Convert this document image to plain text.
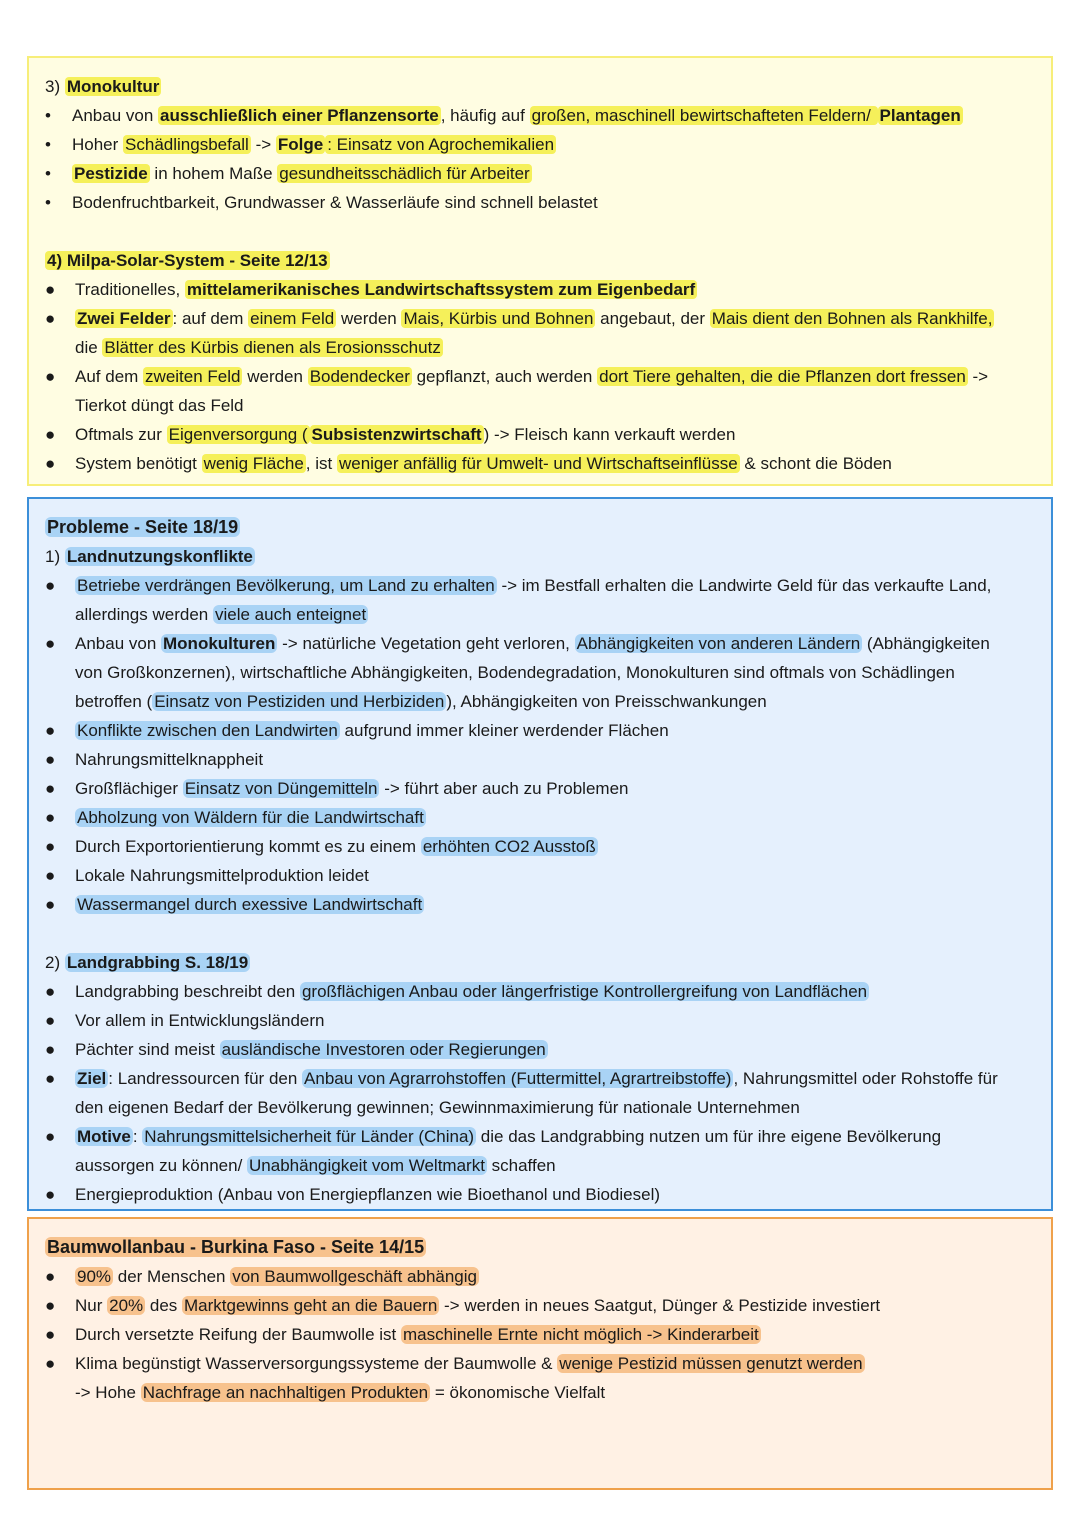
3) Monokultur
•	Anbau von ausschließlich einer Pflanzensorte , häufig auf großen, maschinell bewirtschafteten Feldern/ Plantagen
•	Hoher Schädlingsbefall -> Folge : Einsatz von Agrochemikalien
•	Pestizide in hohem Maße gesundheitsschädlich für Arbeiter
•	Bodenfruchtbarkeit, Grundwasser & Wasserläufe sind schnell belastet
4) Milpa-Solar-System - Seite 12/13
●	Traditionelles, mittelamerikanisches Landwirtschaftssystem zum Eigenbedarf
●	Zwei Felder : auf dem einem Feld werden Mais, Kürbis und Bohnen angebaut, der Mais dient den Bohnen als Rankhilfe,
die Blätter des Kürbis dienen als Erosionsschutz
●	Auf dem zweiten Feld werden Bodendecker gepflanzt, auch werden dort Tiere gehalten, die die Pflanzen dort fressen ->
Tierkot düngt das Feld
●	Oftmals zur Eigenversorgung ( Subsistenzwirtschaft ) -> Fleisch kann verkauft werden
●	System benötigt wenig Fläche , ist weniger anfällig für Umwelt- und Wirtschaftseinflüsse & schont die Böden
Probleme - Seite 18/19
1) Landnutzungskonflikte
●	Betriebe verdrängen Bevölkerung, um Land zu erhalten -> im Bestfall erhalten die Landwirte Geld für das verkaufte Land,
allerdings werden viele auch enteignet
●	Anbau von Monokulturen -> natürliche Vegetation geht verloren, Abhängigkeiten von anderen Ländern (Abhängigkeiten
von Großkonzernen), wirtschaftliche Abhängigkeiten, Bodendegradation, Monokulturen sind oftmals von Schädlingen
betroffen ( Einsatz von Pestiziden und Herbiziden ), Abhängigkeiten von Preisschwankungen
●	Konflikte zwischen den Landwirten aufgrund immer kleiner werdender Flächen
●	Nahrungsmittelknappheit
●	Großflächiger Einsatz von Düngemitteln -> führt aber auch zu Problemen
●	Abholzung von Wäldern für die Landwirtschaft
●	Durch Exportorientierung kommt es zu einem erhöhten CO2 Ausstoß
●	Lokale Nahrungsmittelproduktion leidet
●	Wassermangel durch exessive Landwirtschaft
2) Landgrabbing S. 18/19
●	Landgrabbing beschreibt den großflächigen Anbau oder längerfristige Kontrollergreifung von Landflächen
●	Vor allem in Entwicklungsländern
●	Pächter sind meist ausländische Investoren oder Regierungen
●	Ziel : Landressourcen für den Anbau von Agrarrohstoffen (Futtermittel, Agrartreibstoffe) , Nahrungsmittel oder Rohstoffe für
den eigenen Bedarf der Bevölkerung gewinnen; Gewinnmaximierung für nationale Unternehmen
●	Motive : Nahrungsmittelsicherheit für Länder (China) die das Landgrabbing nutzen um für ihre eigene Bevölkerung
aussorgen zu können/ Unabhängigkeit vom Weltmarkt schaffen
●	Energieproduktion (Anbau von Energiepflanzen wie Bioethanol und Biodiesel)
Baumwollanbau - Burkina Faso - Seite 14/15
●	90% der Menschen von Baumwollgeschäft abhängig
●	Nur 20% des Marktgewinns geht an die Bauern -> werden in neues Saatgut, Dünger & Pestizide investiert
●	Durch versetzte Reifung der Baumwolle ist maschinelle Ernte nicht möglich -> Kinderarbeit
●	Klima begünstigt Wasserversorgungssysteme der Baumwolle & wenige Pestizid müssen genutzt werden
-> Hohe Nachfrage an nachhaltigen Produkten = ökonomische Vielfalt
